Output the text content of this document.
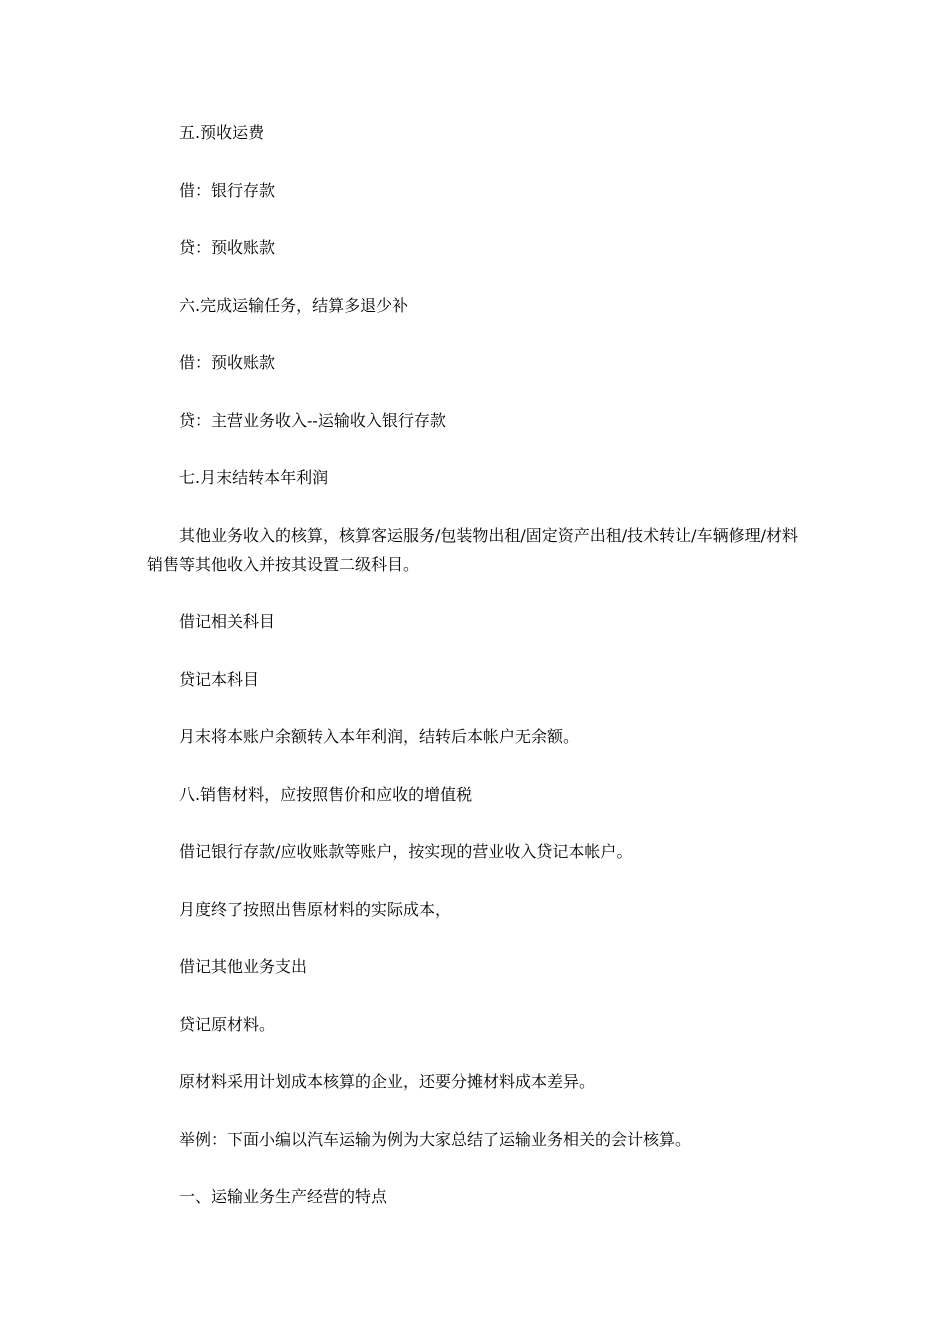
五.预收运费

借：银行存款

贷：预收账款

六.完成运输任务，结算多退少补

借：预收账款

贷：主营业务收入--运输收入银行存款

七.月末结转本年利润

其他业务收入的核算，核算客运服务/包装物出租/固定资产出租/技术转让/车辆修理/材料销售等其他收入并按其设置二级科目。

借记相关科目

贷记本科目

月末将本账户余额转入本年利润，结转后本帐户无余额。

八.销售材料，应按照售价和应收的增值税

借记银行存款/应收账款等账户，按实现的营业收入贷记本帐户。

月度终了按照出售原材料的实际成本，

借记其他业务支出

贷记原材料。

原材料采用计划成本核算的企业，还要分摊材料成本差异。

举例：下面小编以汽车运输为例为大家总结了运输业务相关的会计核算。

一、运输业务生产经营的特点
